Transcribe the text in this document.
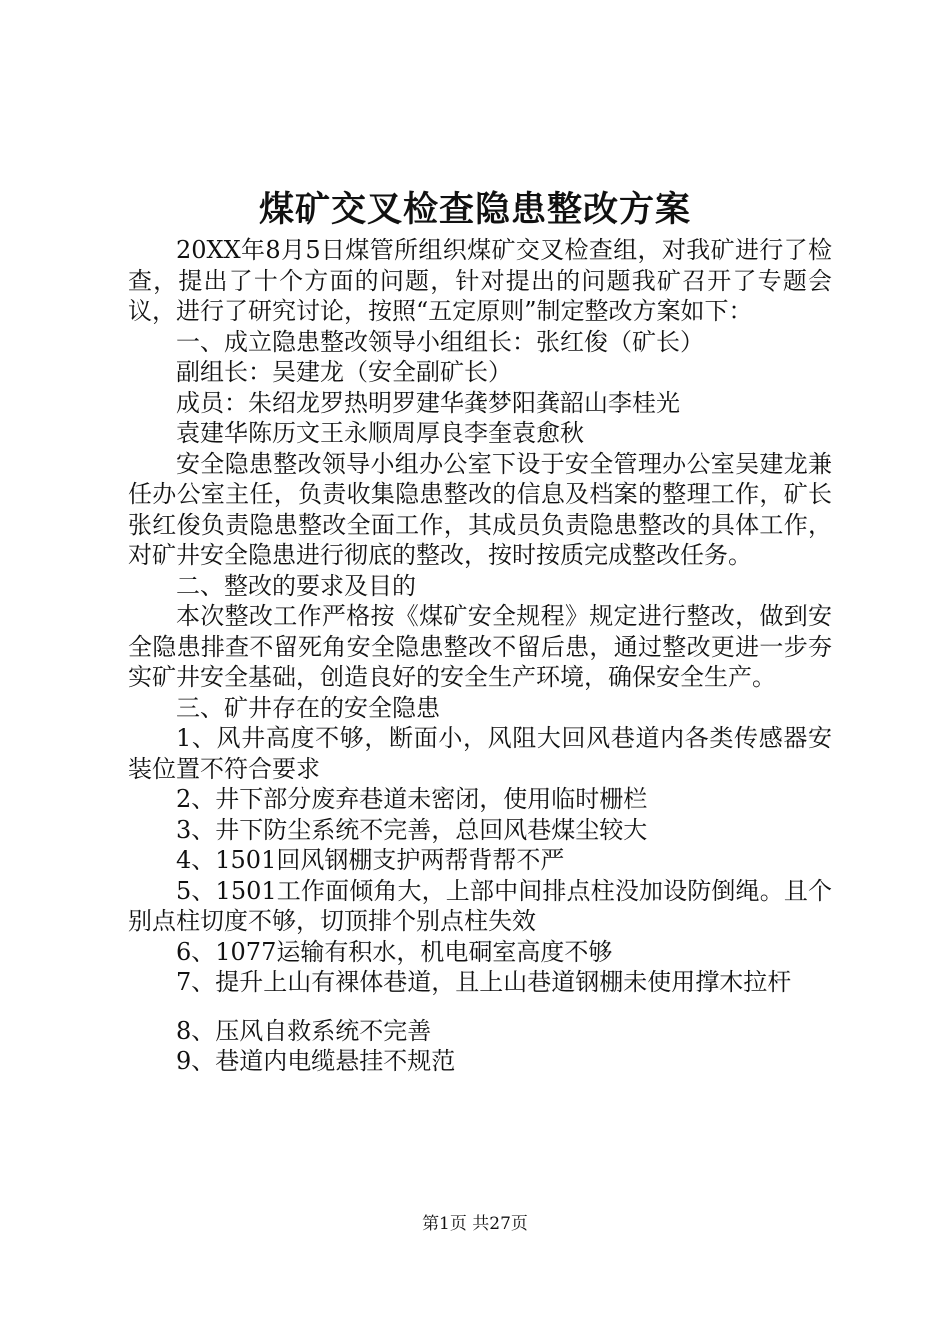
煤矿交叉检查隐患整改方案

20XX年8月5日煤管所组织煤矿交叉检查组，对我矿进行了检查，提出了十个方面的问题，针对提出的问题我矿召开了专题会议，进行了研究讨论，按照“五定原则”制定整改方案如下：

一、成立隐患整改领导小组组长：张红俊（矿长）

副组长：吴建龙（安全副矿长）

成员：朱绍龙罗热明罗建华龚梦阳龚韶山李桂光

袁建华陈历文王永顺周厚良李奎袁愈秋

安全隐患整改领导小组办公室下设于安全管理办公室吴建龙兼任办公室主任，负责收集隐患整改的信息及档案的整理工作，矿长张红俊负责隐患整改全面工作，其成员负责隐患整改的具体工作，对矿井安全隐患进行彻底的整改，按时按质完成整改任务。

二、整改的要求及目的

本次整改工作严格按《煤矿安全规程》规定进行整改，做到安全隐患排查不留死角安全隐患整改不留后患，通过整改更进一步夯实矿井安全基础，创造良好的安全生产环境，确保安全生产。

三、矿井存在的安全隐患

1、风井高度不够，断面小，风阻大回风巷道内各类传感器安装位置不符合要求

2、井下部分废弃巷道未密闭，使用临时栅栏

3、井下防尘系统不完善，总回风巷煤尘较大

4、1501回风钢棚支护两帮背帮不严

5、1501工作面倾角大，上部中间排点柱没加设防倒绳。且个别点柱切度不够，切顶排个别点柱失效

6、1077运输有积水，机电硐室高度不够

7、提升上山有裸体巷道，且上山巷道钢棚未使用撑木拉杆

8、压风自救系统不完善

9、巷道内电缆悬挂不规范

第1页 共27页
